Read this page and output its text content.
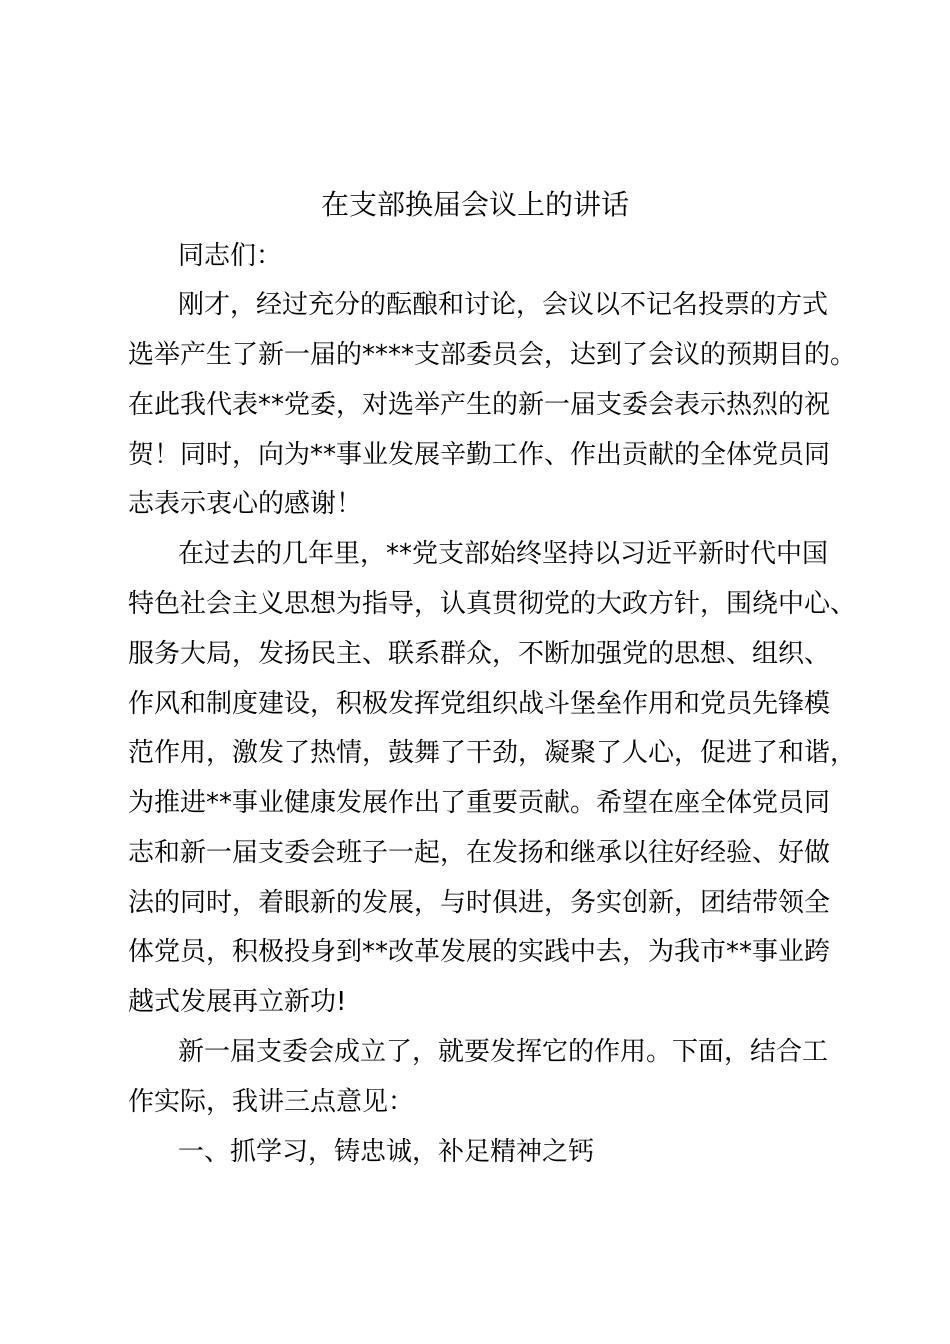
在支部换届会议上的讲话
同志们：
刚才，经过充分的酝酿和讨论，会议以不记名投票的方式
选举产生了新一届的****支部委员会，达到了会议的预期目的。
在此我代表**党委，对选举产生的新一届支委会表示热烈的祝
贺！同时，向为**事业发展辛勤工作、作出贡献的全体党员同
志表示衷心的感谢！
在过去的几年里，**党支部始终坚持以习近平新时代中国
特色社会主义思想为指导，认真贯彻党的大政方针，围绕中心、
服务大局，发扬民主、联系群众，不断加强党的思想、组织、
作风和制度建设，积极发挥党组织战斗堡垒作用和党员先锋模
范作用，激发了热情，鼓舞了干劲，凝聚了人心，促进了和谐，
为推进**事业健康发展作出了重要贡献。希望在座全体党员同
志和新一届支委会班子一起，在发扬和继承以往好经验、好做
法的同时，着眼新的发展，与时俱进，务实创新，团结带领全
体党员，积极投身到**改革发展的实践中去，为我市**事业跨
越式发展再立新功!
新一届支委会成立了，就要发挥它的作用。下面，结合工
作实际，我讲三点意见：
一、抓学习，铸忠诚，补足精神之钙
